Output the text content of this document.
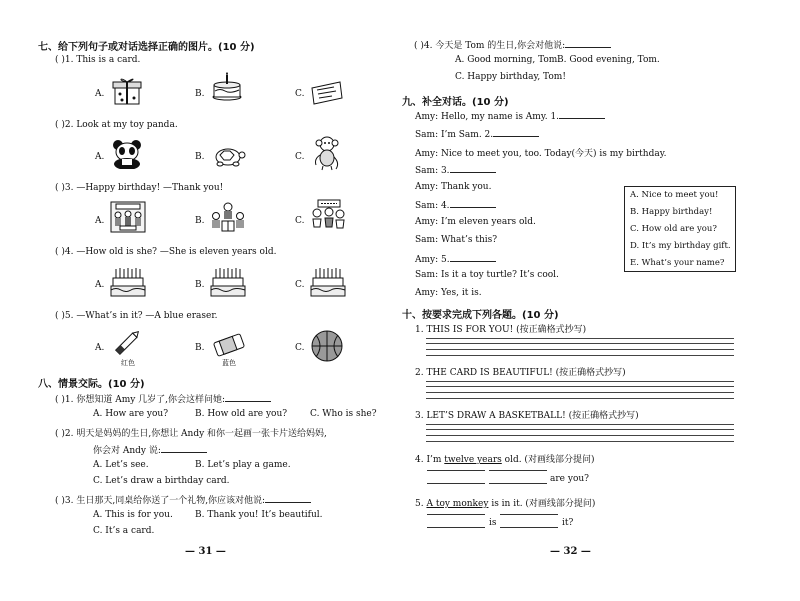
七、给下列句子或对话选择正确的图片。(10 分)
( )1. This is a card.
A.	B.	C.
( )2. Look at my toy panda.
A.	B.	C.
( )3. —Happy birthday! —Thank you!
A.	B.	C.
( )4. —How old is she? —She is eleven years old.
A.	B.	C.
( )5. —What’s in it? —A blue eraser.
A.
红色
B.
蓝色
C.
八、情景交际。(10 分)
( )1. 你想知道 Amy 几岁了,你会这样问她:
A. How are you?	B. How old are you?	C. Who is she?
( )2. 明天是妈妈的生日,你想让 Andy 和你一起画一张卡片送给妈妈,
你会对 Andy 说:
A. Let’s see.	B. Let’s play a game.
C. Let’s draw a birthday card.
( )3. 生日那天,同桌给你送了一个礼物,你应该对他说:
A. This is for you. B. Thank you! It’s beautiful.
C. It’s a card.
— 31 —
( )4. 今天是 Tom 的生日,你会对他说:
A. Good morning, Tom.
B. Good evening, Tom.
C. Happy birthday, Tom!
九、补全对话。(10 分)
Amy: Hello, my name is Amy. 1.
Sam: I’m Sam. 2.
Amy: Nice to meet you, too. Today(今天) is my birthday.
Sam: 3.
Amy: Thank you.
Sam: 4.
Amy: I’m eleven years old.
Sam: What’s this?
Amy: 5.
Sam: Is it a toy turtle? It’s cool.
Amy: Yes, it is.
A. Nice to meet you!
B. Happy birthday!
C. How old are you?
D. It’s my birthday gift.
E. What’s your name?
十、按要求完成下列各题。(10 分)
1. THIS IS FOR YOU! (按正确格式抄写)
2. THE CARD IS BEAUTIFUL! (按正确格式抄写)
3. LET’S DRAW A BASKETBALL! (按正确格式抄写)
4. I’m twelve years old. (对画线部分提问)
are you?
5. A toy monkey is in it. (对画线部分提问)
is	it?
— 32 —
